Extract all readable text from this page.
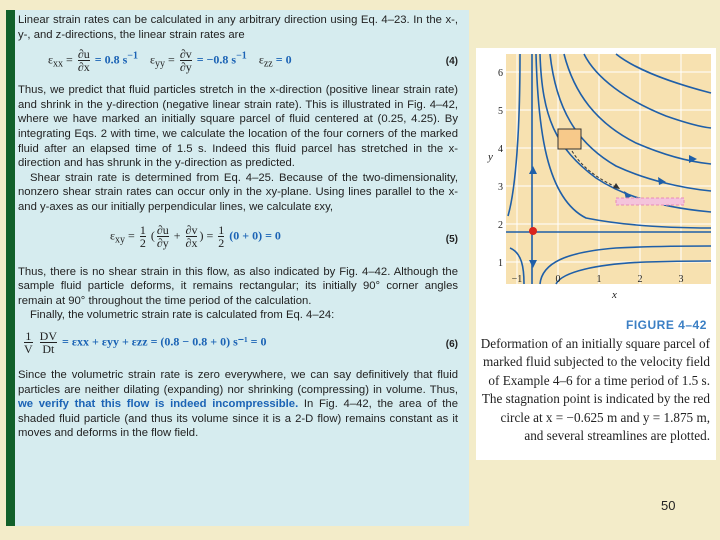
Linear strain rates can be calculated in any arbitrary direction using Eq. 4–23. In the x-, y-, and z-directions, the linear strain rates are

$\varepsilon_{xx} = \frac{\partial u}{\partial x} = 0.8$ $s^{-1}$ $\varepsilon_{yy} = \frac{\partial v}{\partial y} = -0.8$ $s^{-1}$ $\varepsilon_{zz} = 0$	(4)

Thus, we predict that fluid particles stretch in the x-direction (positive linear strain rate) and shrink in the y-direction (negative linear strain rate). This is illustrated in Fig. 4–42, where we have marked an initially square parcel of fluid centered at (0.25, 4.25). By integrating Eqs. 2 with time, we calculate the location of the four corners of the marked fluid after an elapsed time of 1.5 s. Indeed this fluid parcel has stretched in the x-direction and has shrunk in the y-direction as predicted.

Shear strain rate is determined from Eq. 4–25. Because of the two-dimensionality, nonzero shear strain rates can occur only in the xy-plane. Using lines parallel to the x- and y-axes as our initially perpendicular lines, we calculate εxy,

$\varepsilon_{xy} = \frac{1}{2}$ ( $\frac{\partial u}{\partial y} + \frac{\partial v}{\partial x}$ ) = $\frac{1}{2} (0 + 0) = 0$	(5)

Thus, there is no shear strain in this flow, as also indicated by Fig. 4–42. Although the sample fluid particle deforms, it remains rectangular; its initially 90° corner angles remain at 90° throughout the time period of the calculation.

Finally, the volumetric strain rate is calculated from Eq. 4–24:

$\frac{1}{V}$
$\frac{DV}{Dt} = \varepsilon xx + \varepsilon yy + \varepsilon zz = (0.8 - 0.8 + 0) s^{-1} = 0$	(6)

Since the volumetric strain rate is zero everywhere, we can say definitively that fluid particles are neither dilating (expanding) nor shrinking (compressing) in volume. Thus, we verify that this flow is indeed incompressible. In Fig. 4–42, the area of the shaded fluid particle (and thus its volume since it is a 2-D flow) remains constant as it moves and deforms in the flow field.

−1	0	1	2	3
1
2
3
4
5
6
x
y
FIGURE 4–42
Deformation of an initially square parcel of marked fluid subjected to the velocity field of Example 4–6 for a time period of 1.5 s. The stagnation point is indicated by the red circle at x = −0.625 m and y = 1.875 m, and several streamlines are plotted.
50
